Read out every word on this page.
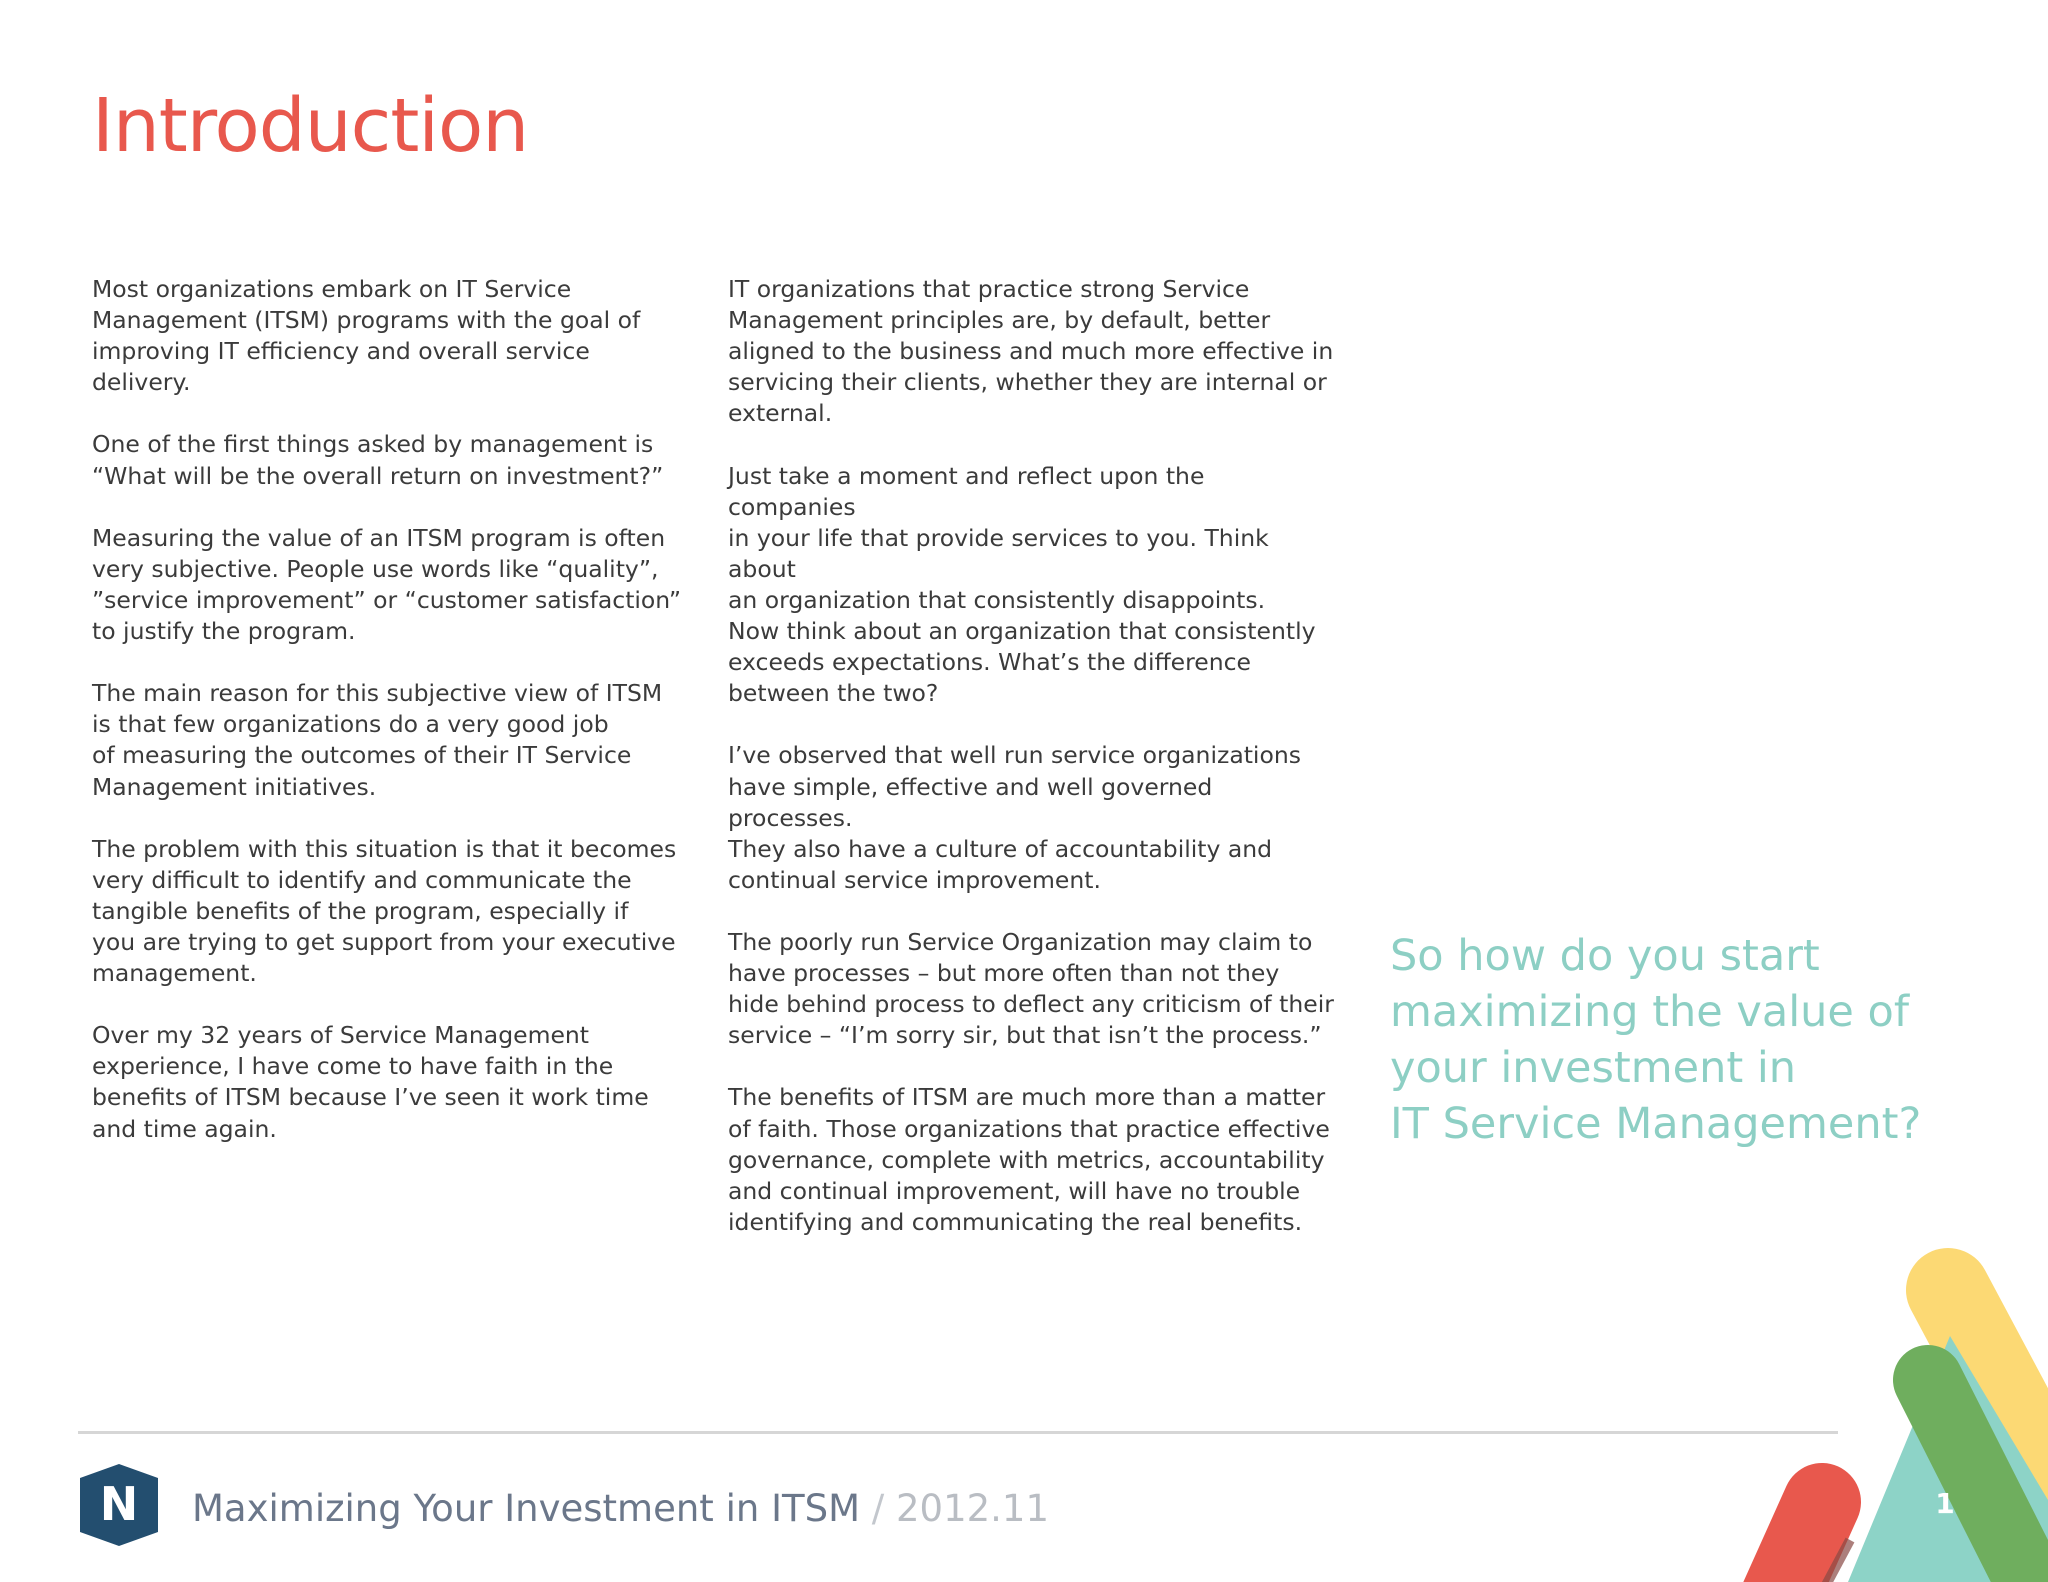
Introduction

Most organizations embark on IT Service
Management (ITSM) programs with the goal of
improving IT efficiency and overall service delivery.

One of the first things asked by management is
“What will be the overall return on investment?”

Measuring the value of an ITSM program is often
very subjective. People use words like “quality”,
”service improvement” or “customer satisfaction”
to justify the program.

The main reason for this subjective view of ITSM
is that few organizations do a very good job
of measuring the outcomes of their IT Service
Management initiatives.

The problem with this situation is that it becomes
very difficult to identify and communicate the
tangible benefits of the program, especially if
you are trying to get support from your executive
management.

Over my 32 years of Service Management
experience, I have come to have faith in the
benefits of ITSM because I’ve seen it work time
and time again.

IT organizations that practice strong Service
Management principles are, by default, better
aligned to the business and much more effective in
servicing their clients, whether they are internal or
external.

Just take a moment and reflect upon the companies
in your life that provide services to you. Think about
an organization that consistently disappoints.
Now think about an organization that consistently
exceeds expectations. What’s the difference
between the two?

I’ve observed that well run service organizations
have simple, effective and well governed processes.
They also have a culture of accountability and
continual service improvement.

The poorly run Service Organization may claim to
have processes – but more often than not they
hide behind process to deflect any criticism of their
service – “I’m sorry sir, but that isn’t the process.”

The benefits of ITSM are much more than a matter
of faith. Those organizations that practice effective
governance, complete with metrics, accountability
and continual improvement, will have no trouble
identifying and communicating the real benefits.

So how do you start
maximizing the value of
your investment in
IT Service Management?
N Maximizing Your Investment in ITSM / 2012.11	1
